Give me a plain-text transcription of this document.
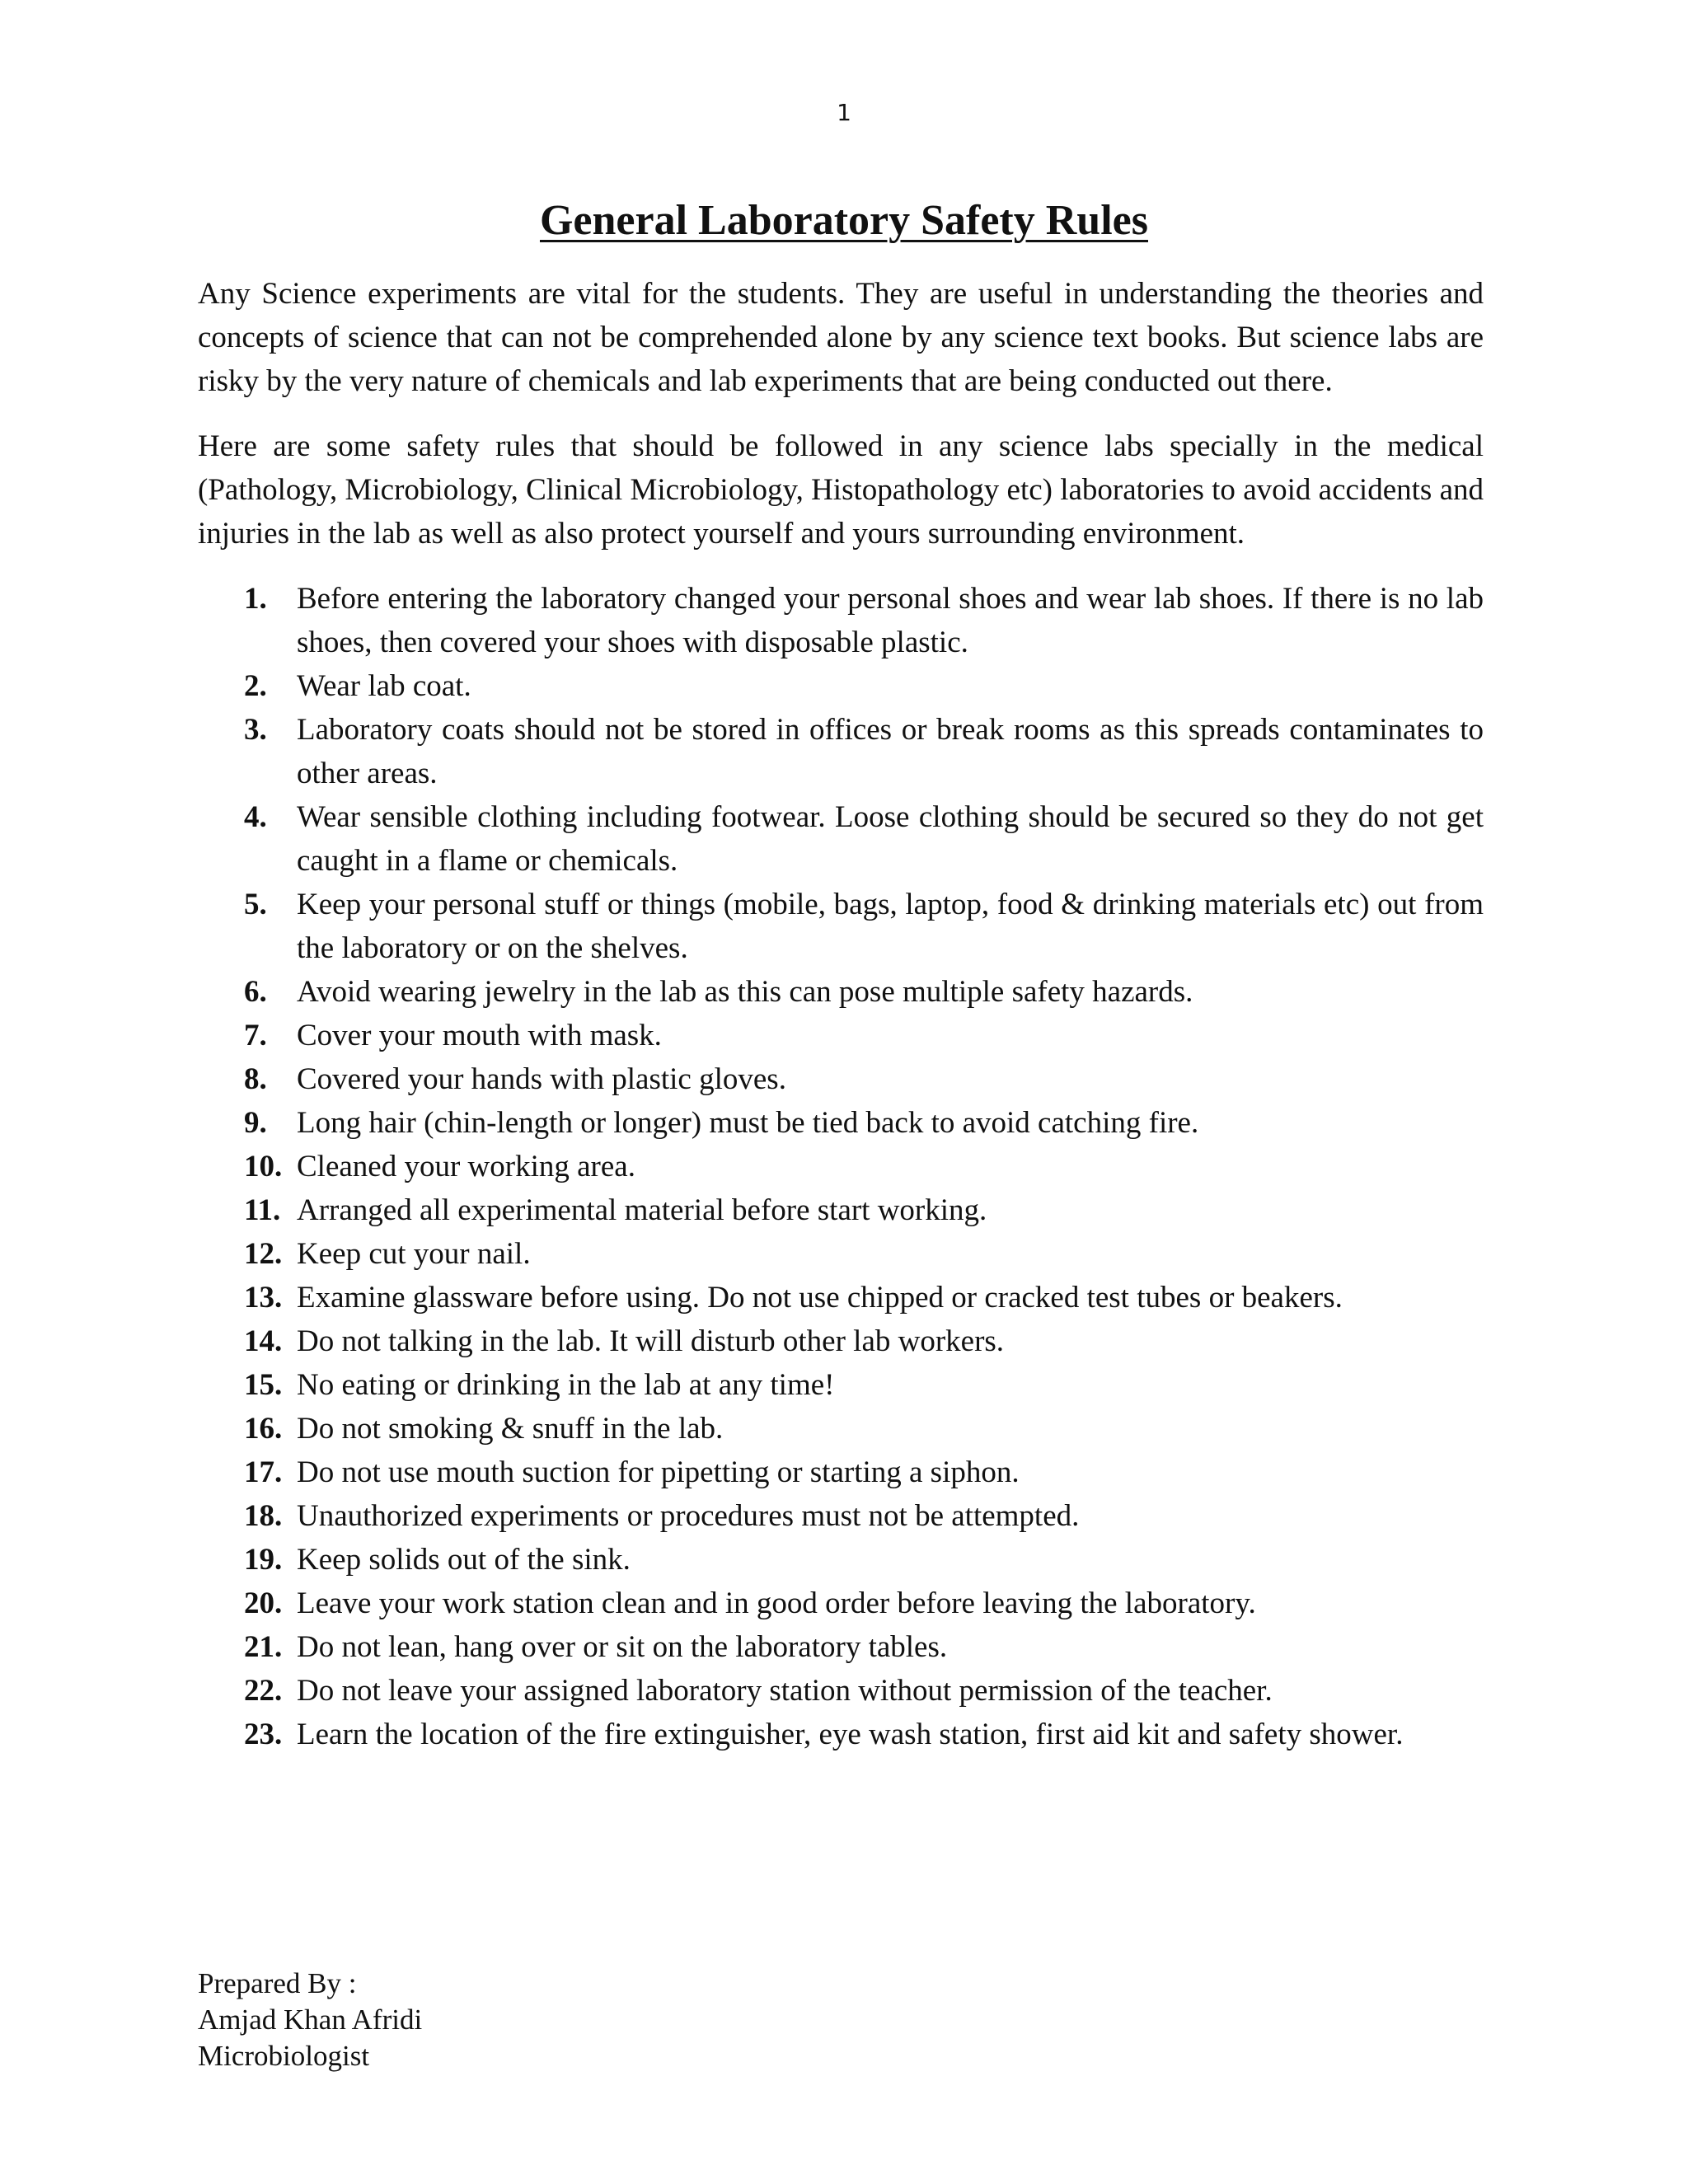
1
General Laboratory Safety Rules

Any Science experiments are vital for the students. They are useful in understanding the theories and concepts of science that can not be comprehended alone by any science text books. But science labs are risky by the very nature of chemicals and lab experiments that are being conducted out there.

Here are some safety rules that should be followed in any science labs specially in the medical (Pathology, Microbiology, Clinical Microbiology, Histopathology etc) laboratories to avoid accidents and injuries in the lab as well as also protect yourself and yours surrounding environment.

1. Before entering the laboratory changed your personal shoes and wear lab shoes. If there is no lab shoes, then covered your shoes with disposable plastic.
2. Wear lab coat.
3. Laboratory coats should not be stored in offices or break rooms as this spreads contaminates to other areas.
4. Wear sensible clothing including footwear. Loose clothing should be secured so they do not get caught in a flame or chemicals.
5. Keep your personal stuff or things (mobile, bags, laptop, food & drinking materials etc) out from the laboratory or on the shelves.
6. Avoid wearing jewelry in the lab as this can pose multiple safety hazards.
7. Cover your mouth with mask.
8. Covered your hands with plastic gloves.
9. Long hair (chin-length or longer) must be tied back to avoid catching fire.
10. Cleaned your working area.
11. Arranged all experimental material before start working.
12. Keep cut your nail.
13. Examine glassware before using. Do not use chipped or cracked test tubes or beakers.
14. Do not talking in the lab. It will disturb other lab workers.
15. No eating or drinking in the lab at any time!
16. Do not smoking & snuff in the lab.
17. Do not use mouth suction for pipetting or starting a siphon.
18. Unauthorized experiments or procedures must not be attempted.
19. Keep solids out of the sink.
20. Leave your work station clean and in good order before leaving the laboratory.
21. Do not lean, hang over or sit on the laboratory tables.
22. Do not leave your assigned laboratory station without permission of the teacher.
23. Learn the location of the fire extinguisher, eye wash station, first aid kit and safety shower.
Prepared By :
Amjad Khan Afridi
Microbiologist
